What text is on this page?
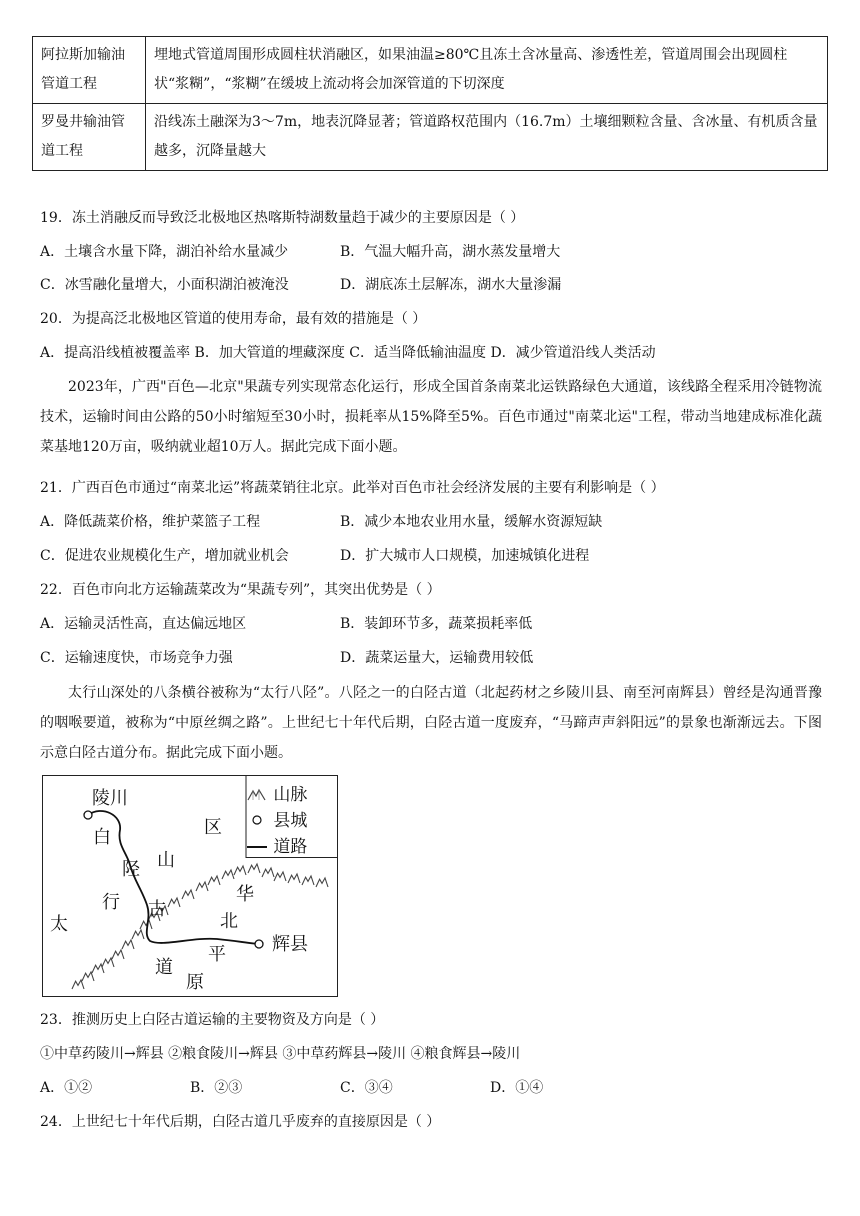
阿拉斯加输油管道工程	埋地式管道周围形成圆柱状消融区，如果油温≥80℃且冻土含冰量高、渗透性差，管道周围会出现圆柱状“浆糊”，“浆糊”在缓坡上流动将会加深管道的下切深度
罗曼井输油管道工程	沿线冻土融深为3～7m，地表沉降显著；管道路权范围内（16.7m）土壤细颗粒含量、含冰量、有机质含量越多，沉降量越大
19．冻土消融反而导致泛北极地区热喀斯特湖数量趋于减少的主要原因是（ ）
A．土壤含水量下降，湖泊补给水量减少	B．气温大幅升高，湖水蒸发量增大
C．冰雪融化量增大，小面积湖泊被淹没	D．湖底冻土层解冻，湖水大量渗漏
20．为提高泛北极地区管道的使用寿命，最有效的措施是（ ）
A．提高沿线植被覆盖率 B．加大管道的埋藏深度 C．适当降低输油温度 D．减少管道沿线人类活动
2023年，广西"百色—北京"果蔬专列实现常态化运行，形成全国首条南菜北运铁路绿色大通道，该线路全程采用冷链物流技术，运输时间由公路的50小时缩短至30小时，损耗率从15%降至5%。百色市通过"南菜北运"工程，带动当地建成标准化蔬菜基地120万亩，吸纳就业超10万人。据此完成下面小题。
21．广西百色市通过“南菜北运”将蔬菜销往北京。此举对百色市社会经济发展的主要有利影响是（ ）
A．降低蔬菜价格，维护菜篮子工程	B．减少本地农业用水量，缓解水资源短缺
C．促进农业规模化生产，增加就业机会	D．扩大城市人口规模，加速城镇化进程
22．百色市向北方运输蔬菜改为“果蔬专列”，其突出优势是（ ）
A．运输灵活性高，直达偏远地区	B．装卸环节多，蔬菜损耗率低
C．运输速度快，市场竞争力强	D．蔬菜运量大，运输费用较低
太行山深处的八条横谷被称为“太行八陉”。八陉之一的白陉古道（北起药材之乡陵川县、南至河南辉县）曾经是沟通晋豫的咽喉要道，被称为“中原丝绸之路”。上世纪七十年代后期，白陉古道一度废弃，“马蹄声声斜阳远”的景象也渐渐远去。下图示意白陉古道分布。据此完成下面小题。
山脉
县城
道路
陵川
辉县
太
行
山
区
白
陉
古
道
华
北
平
原
23．推测历史上白陉古道运输的主要物资及方向是（ ）
①中草药陵川→辉县 ②粮食陵川→辉县 ③中草药辉县→陵川 ④粮食辉县→陵川
A．①②	B．②③	C．③④	D．①④
24．上世纪七十年代后期，白陉古道几乎废弃的直接原因是（ ）
